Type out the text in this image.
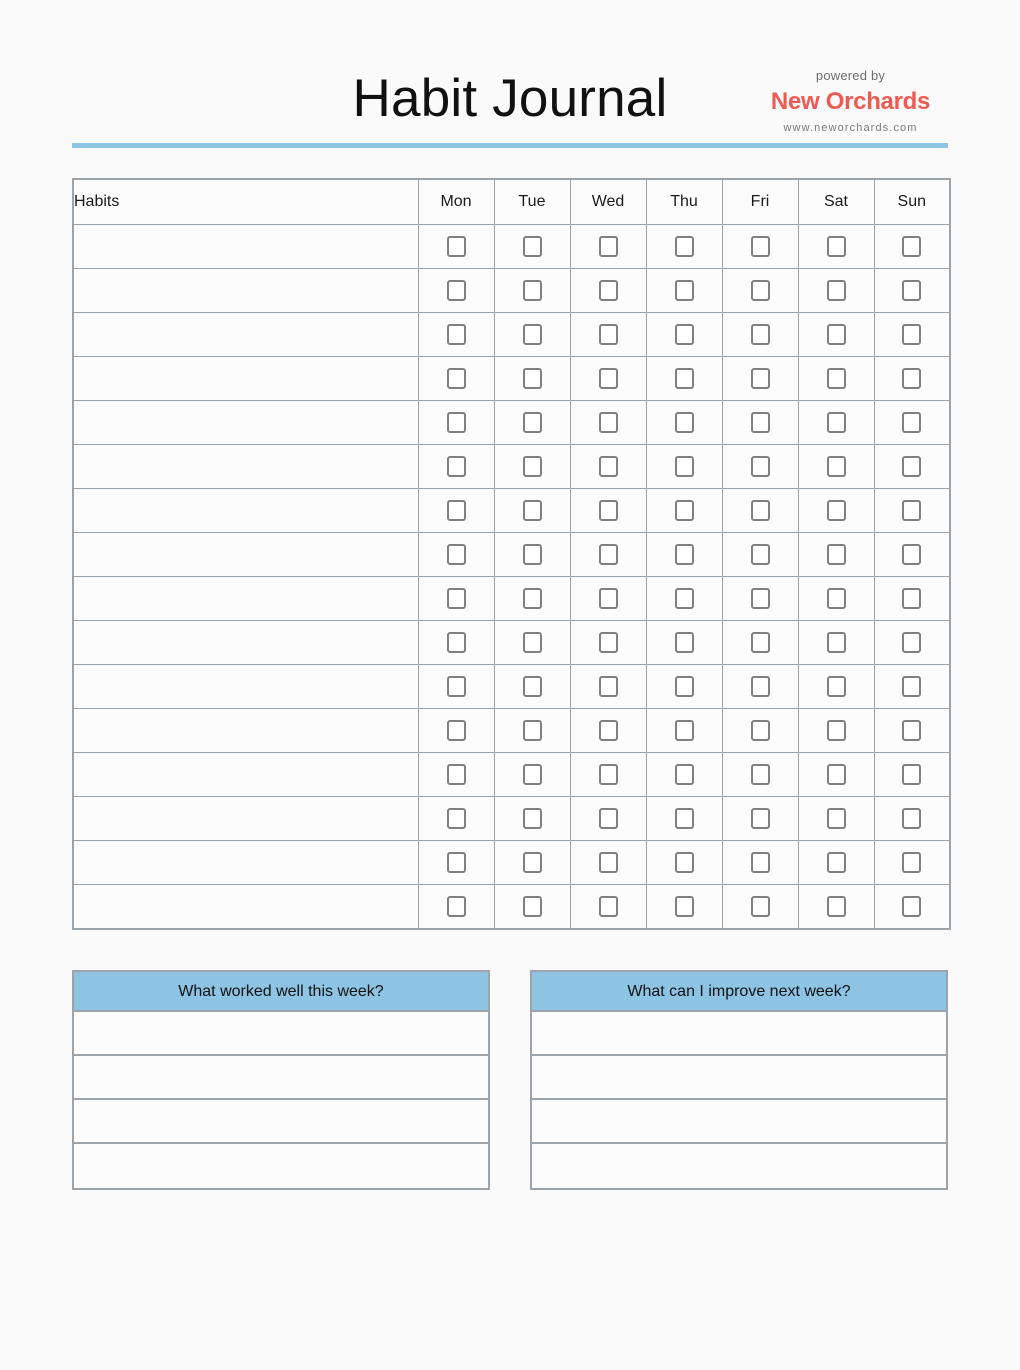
Habit Journal	powered by
New Orchards
www.neworchards.com
Habits	Mon	Tue	Wed	Thu	Fri	Sat	Sun

What worked well this week?	What can I improve next week?
